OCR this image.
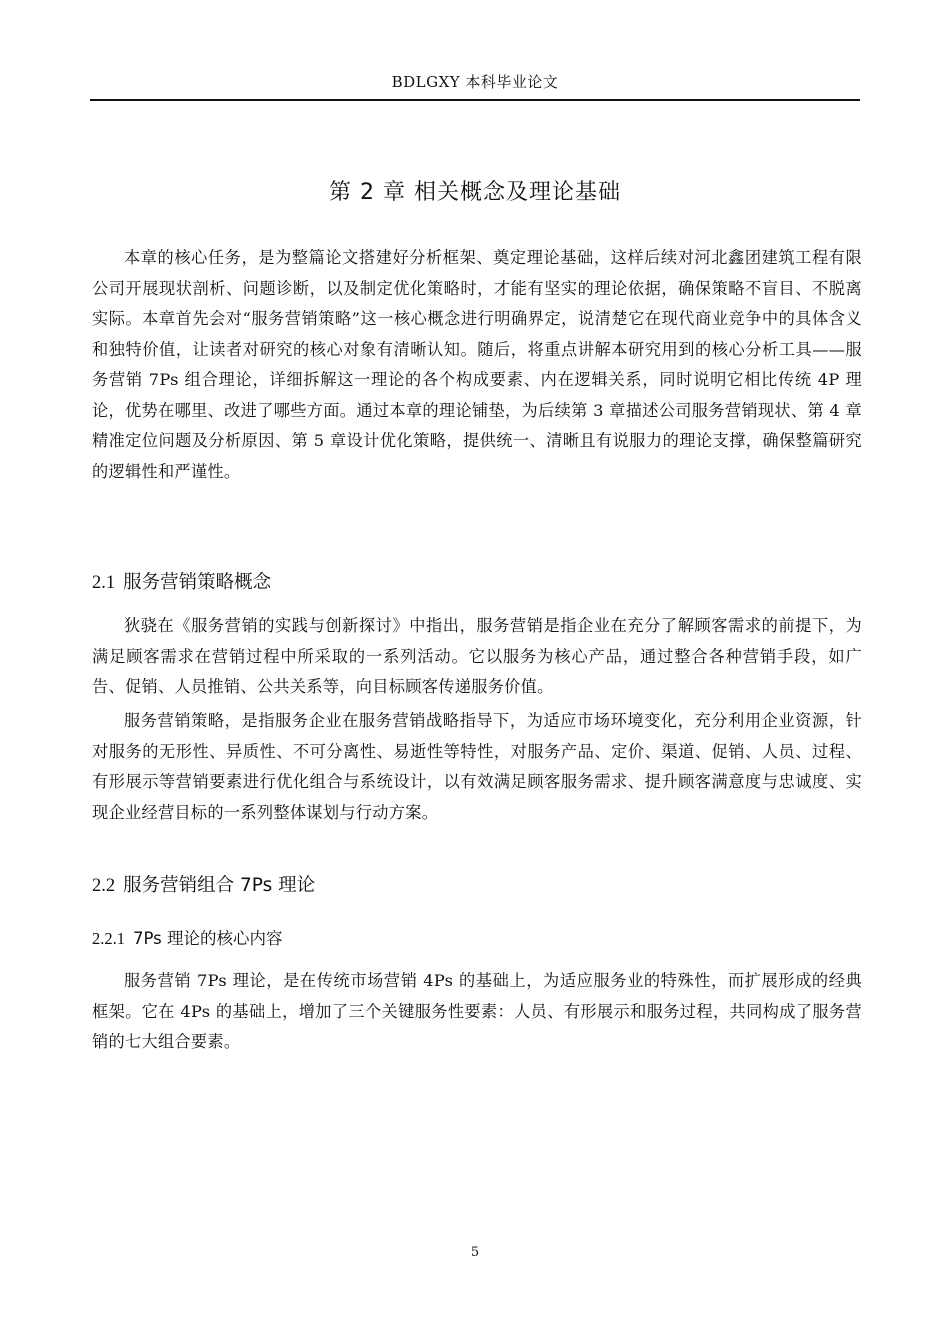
BDLGXY 本科毕业论文
第 2 章 相关概念及理论基础

本章的核心任务，是为整篇论文搭建好分析框架、奠定理论基础，这样后续对河北鑫团建筑工程有限公司开展现状剖析、问题诊断，以及制定优化策略时，才能有坚实的理论依据，确保策略不盲目、不脱离实际。本章首先会对“服务营销策略”这一核心概念进行明确界定，说清楚它在现代商业竞争中的具体含义和独特价值，让读者对研究的核心对象有清晰认知。随后，将重点讲解本研究用到的核心分析工具——服务营销 7Ps 组合理论，详细拆解这一理论的各个构成要素、内在逻辑关系，同时说明它相比传统 4P 理论，优势在哪里、改进了哪些方面。通过本章的理论铺垫，为后续第 3 章描述公司服务营销现状、第 4 章精准定位问题及分析原因、第 5 章设计优化策略，提供统一、清晰且有说服力的理论支撑，确保整篇研究的逻辑性和严谨性。

2.1 服务营销策略概念

狄骁在《服务营销的实践与创新探讨》中指出，服务营销是指企业在充分了解顾客需求的前提下，为满足顾客需求在营销过程中所采取的一系列活动。它以服务为核心产品，通过整合各种营销手段，如广告、促销、人员推销、公共关系等，向目标顾客传递服务价值。

服务营销策略，是指服务企业在服务营销战略指导下，为适应市场环境变化，充分利用企业资源，针对服务的无形性、异质性、不可分离性、易逝性等特性，对服务产品、定价、渠道、促销、人员、过程、有形展示等营销要素进行优化组合与系统设计，以有效满足顾客服务需求、提升顾客满意度与忠诚度、实现企业经营目标的一系列整体谋划与行动方案。

2.2 服务营销组合 7Ps 理论
2.2.1 7Ps 理论的核心内容

服务营销 7Ps 理论，是在传统市场营销 4Ps 的基础上，为适应服务业的特殊性，而扩展形成的经典框架。它在 4Ps 的基础上，增加了三个关键服务性要素：人员、有形展示和服务过程，共同构成了服务营销的七大组合要素。

5
